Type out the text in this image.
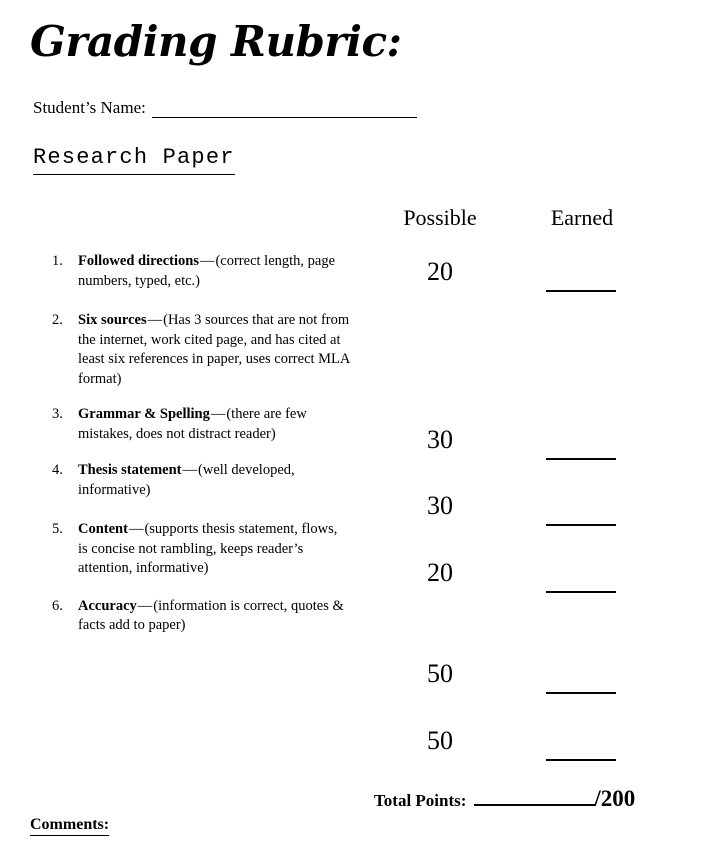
Grading Rubric:
Student’s Name:
Research Paper
Possible	Earned
1. Followed directions—(correct length, page numbers, typed, etc.)
2. Six sources—(Has 3 sources that are not from the internet, work cited page, and has cited at least six references in paper, uses correct MLA format)
3. Grammar & Spelling—(there are few mistakes, does not distract reader)
4. Thesis statement—(well developed, informative)
5. Content—(supports thesis statement, flows, is concise not rambling, keeps reader’s attention, informative)
6. Accuracy—(information is correct, quotes & facts add to paper)
20
30
30
20
50
50
Total Points:	/200
Comments:
